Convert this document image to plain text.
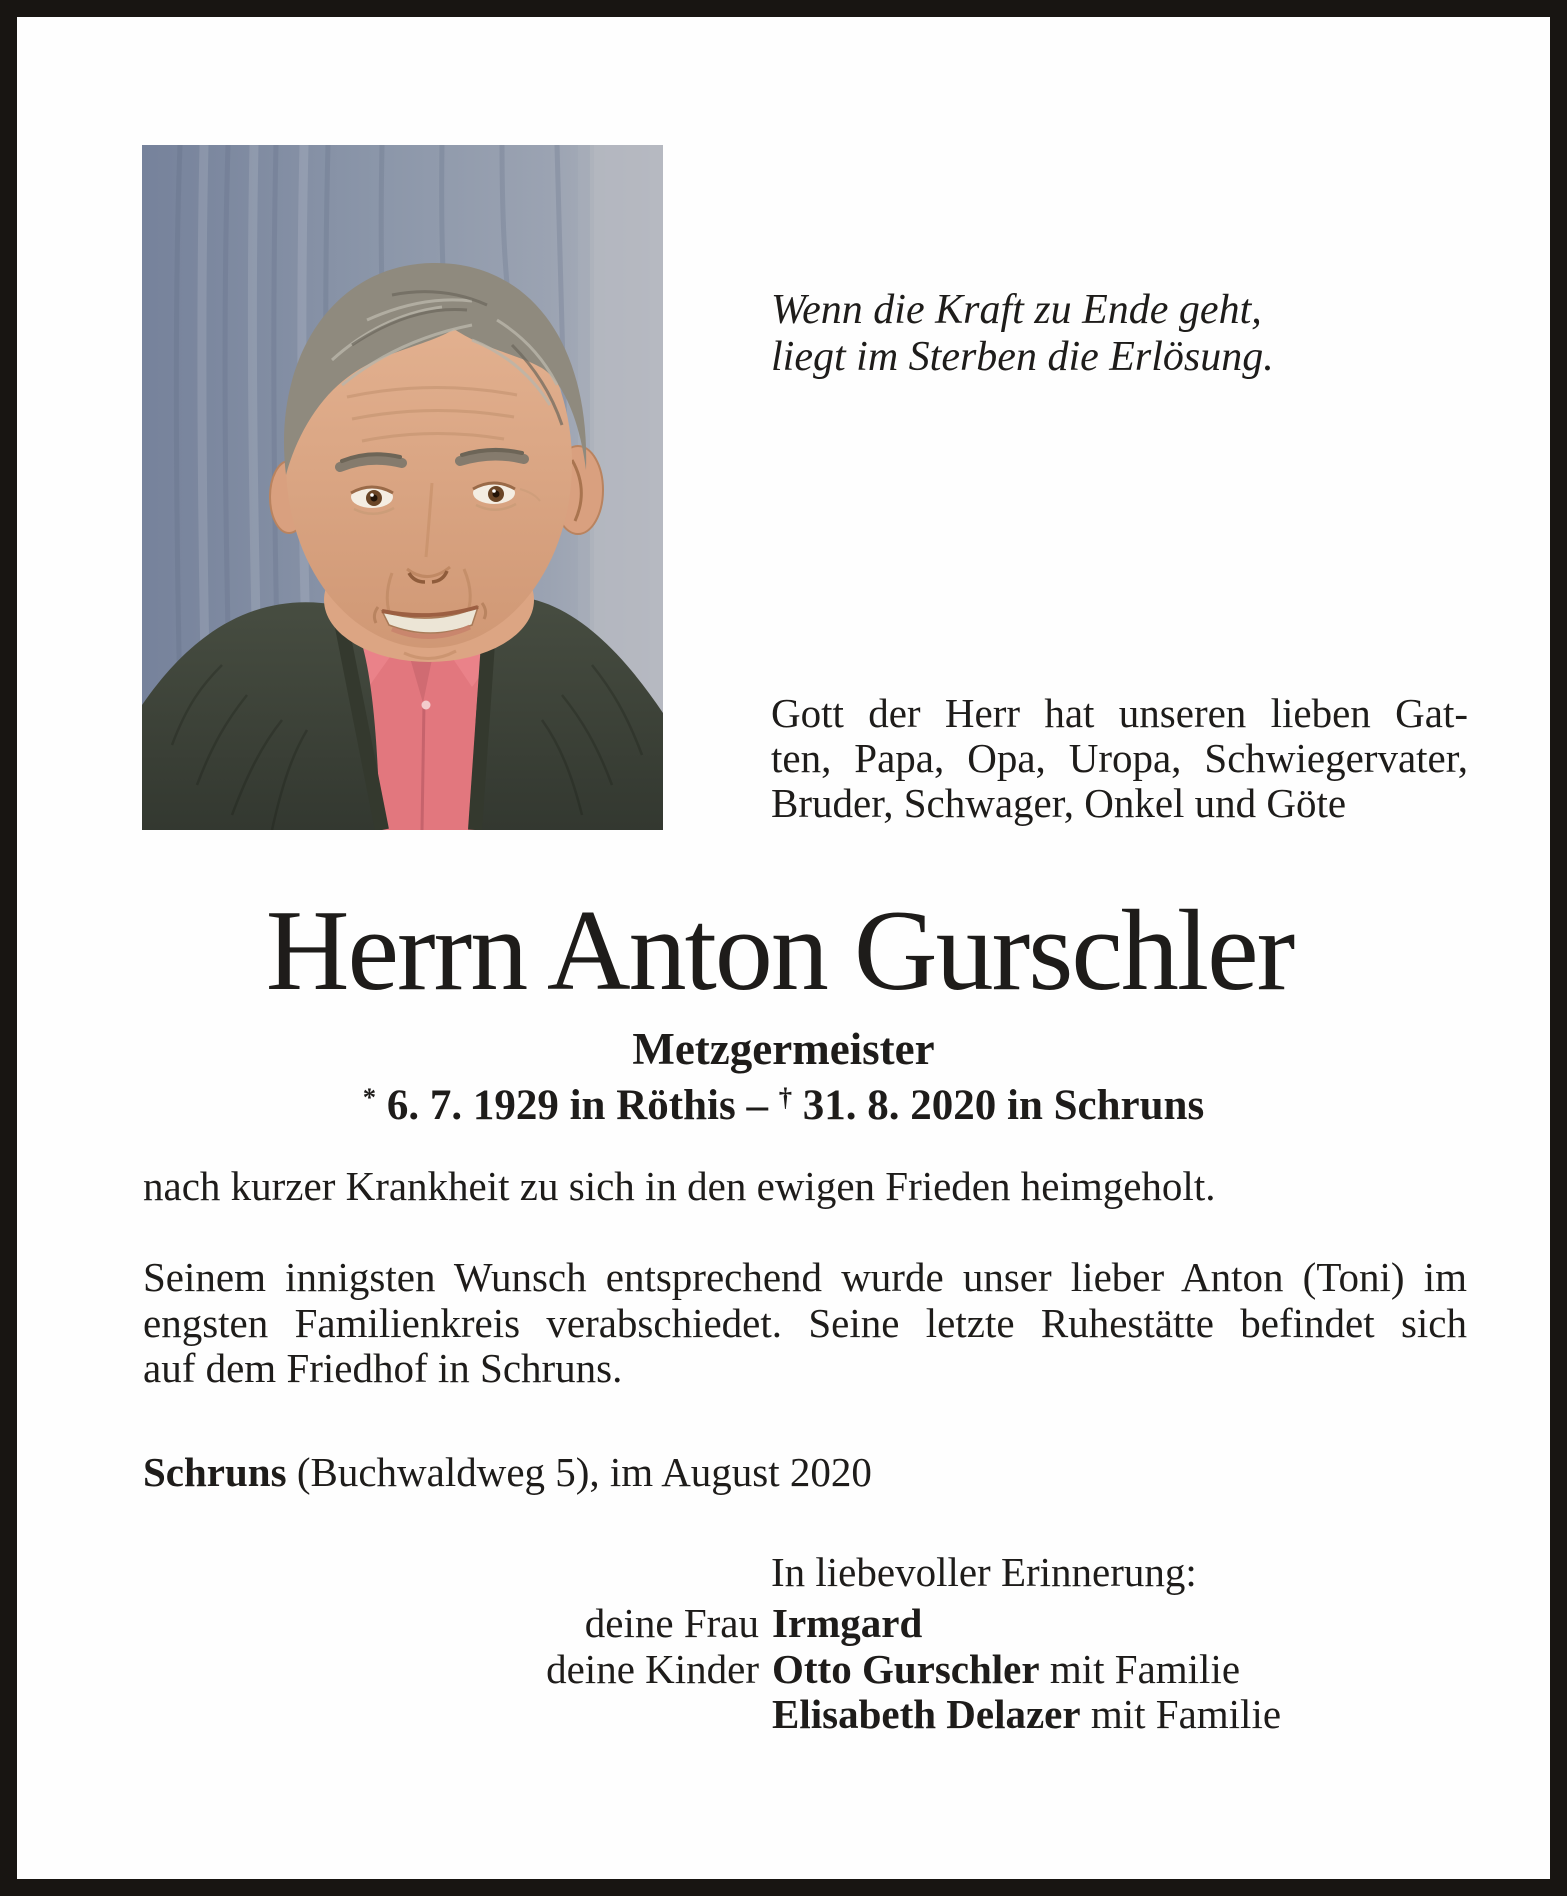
Wenn die Kraft zu Ende geht,
liegt im Sterben die Erlösung.
Gott der Herr hat unseren lieben Gat-
ten, Papa, Opa, Uropa, Schwiegervater,
Bruder, Schwager, Onkel und Göte
Herrn Anton Gurschler
Metzgermeister
* 6. 7. 1929 in Röthis – † 31. 8. 2020 in Schruns
nach kurzer Krankheit zu sich in den ewigen Frieden heimgeholt.
Seinem innigsten Wunsch entsprechend wurde unser lieber Anton (Toni) im
engsten Familienkreis verabschiedet. Seine letzte Ruhestätte befindet sich
auf dem Friedhof in Schruns.
Schruns (Buchwaldweg 5), im August 2020
In liebevoller Erinnerung:
deine Frau Irmgard
deine Kinder Otto Gurschler mit Familie
Elisabeth Delazer mit Familie
